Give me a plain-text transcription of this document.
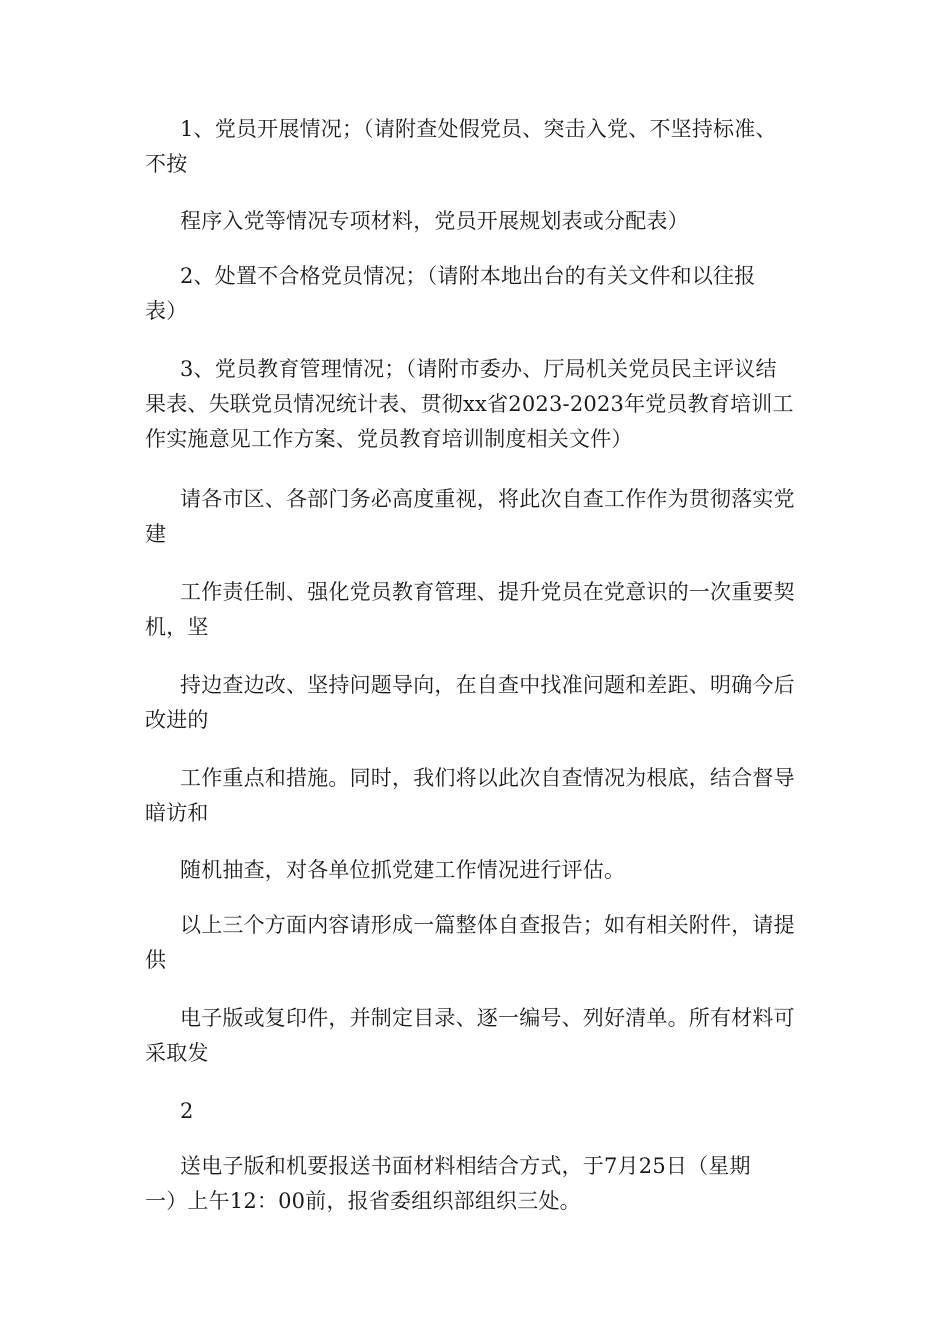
1、党员开展情况；（请附查处假党员、突击入党、不坚持标准、
不按
程序入党等情况专项材料，党员开展规划表或分配表）
2、处置不合格党员情况；（请附本地出台的有关文件和以往报
表）
3、党员教育管理情况；（请附市委办、厅局机关党员民主评议结
果表、失联党员情况统计表、贯彻xx省2023-2023年党员教育培训工
作实施意见工作方案、党员教育培训制度相关文件）
请各市区、各部门务必高度重视，将此次自查工作作为贯彻落实党
建
工作责任制、强化党员教育管理、提升党员在党意识的一次重要契
机，坚
持边查边改、坚持问题导向，在自查中找准问题和差距、明确今后
改进的
工作重点和措施。同时，我们将以此次自查情况为根底，结合督导
暗访和
随机抽查，对各单位抓党建工作情况进行评估。
以上三个方面内容请形成一篇整体自查报告；如有相关附件，请提
供
电子版或复印件，并制定目录、逐一编号、列好清单。所有材料可
采取发
2
送电子版和机要报送书面材料相结合方式，于7月25日（星期
一）上午12：00前，报省委组织部组织三处。
